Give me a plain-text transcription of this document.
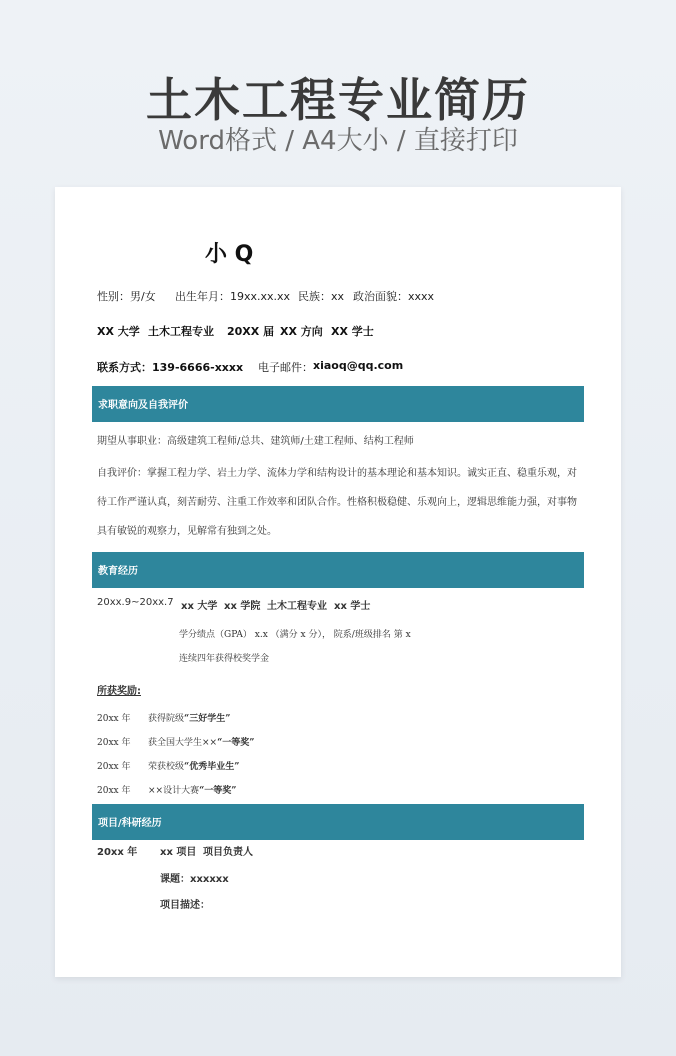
土木工程专业简历
Word格式 / A4大小 / 直接打印
小 Q
性别：男/女 出生年月：19xx.xx.xx 民族：xx 政治面貌：xxxx
XX 大学 土木工程专业 20XX 届 XX 方向 XX 学士
联系方式：139-6666-xxxx 电子邮件： xiaoq@qq.com
求职意向及自我评价
期望从事职业：高级建筑工程师/总共、建筑师/土建工程师、结构工程师
自我评价：掌握工程力学、岩土力学、流体力学和结构设计的基本理论和基本知识。诚实正直、稳重乐观，对待工作严谨认真，刻苦耐劳、注重工作效率和团队合作。性格积极稳健、乐观向上，逻辑思维能力强，对事物具有敏锐的观察力，见解常有独到之处。
教育经历
20xx.9~20xx.7 xx 大学 xx 学院 土木工程专业 xx 学士
学分绩点（GPA） x.x （满分 x 分）， 院系/班级排名 第 x
连续四年获得校奖学金
所获奖励:
20xx 年 获得院级“三好学生”
20xx 年 获全国大学生××“一等奖”
20xx 年 荣获校级“优秀毕业生”
20xx 年 ××设计大赛“一等奖”
项目/科研经历
20xx 年 xx 项目 项目负责人
课题：xxxxxx
项目描述：
